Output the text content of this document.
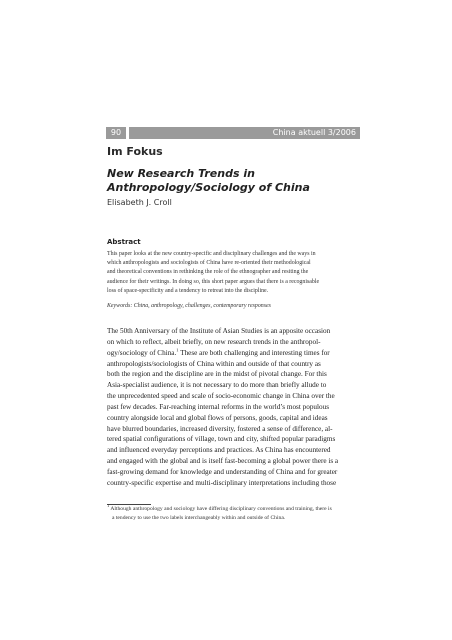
90	China aktuell 3/2006
Im Fokus
New Research Trends in
Anthropology/Sociology of China
Elisabeth J. Croll
Abstract
This paper looks at the new country-specific and disciplinary challenges and the ways in
which anthropologists and sociologists of China have re-oriented their methodological
and theoretical conventions in rethinking the role of the ethnographer and resiting the
audience for their writings. In doing so, this short paper argues that there is a recognisable
loss of space-specificity and a tendency to retreat into the discipline.
Keywords: China, anthropology, challenges, contemporary responses
The 50th Anniversary of the Institute of Asian Studies is an apposite occasion
on which to reflect, albeit briefly, on new research trends in the anthropol-
ogy/sociology of China.$^1$ These are both challenging and interesting times for
anthropologists/sociologists of China within and outside of that country as
both the region and the discipline are in the midst of pivotal change. For this
Asia-specialist audience, it is not necessary to do more than briefly allude to
the unprecedented speed and scale of socio-economic change in China over the
past few decades. Far-reaching internal reforms in the world’s most populous
country alongside local and global flows of persons, goods, capital and ideas
have blurred boundaries, increased diversity, fostered a sense of difference, al-
tered spatial configurations of village, town and city, shifted popular paradigms
and influenced everyday perceptions and practices. As China has encountered
and engaged with the global and is itself fast-becoming a global power there is a
fast-growing demand for knowledge and understanding of China and for greater
country-specific expertise and multi-disciplinary interpretations including those
$^1$ Although anthropology and sociology have differing disciplinary conventions and training, there is
a tendency to use the two labels interchangeably within and outside of China.
